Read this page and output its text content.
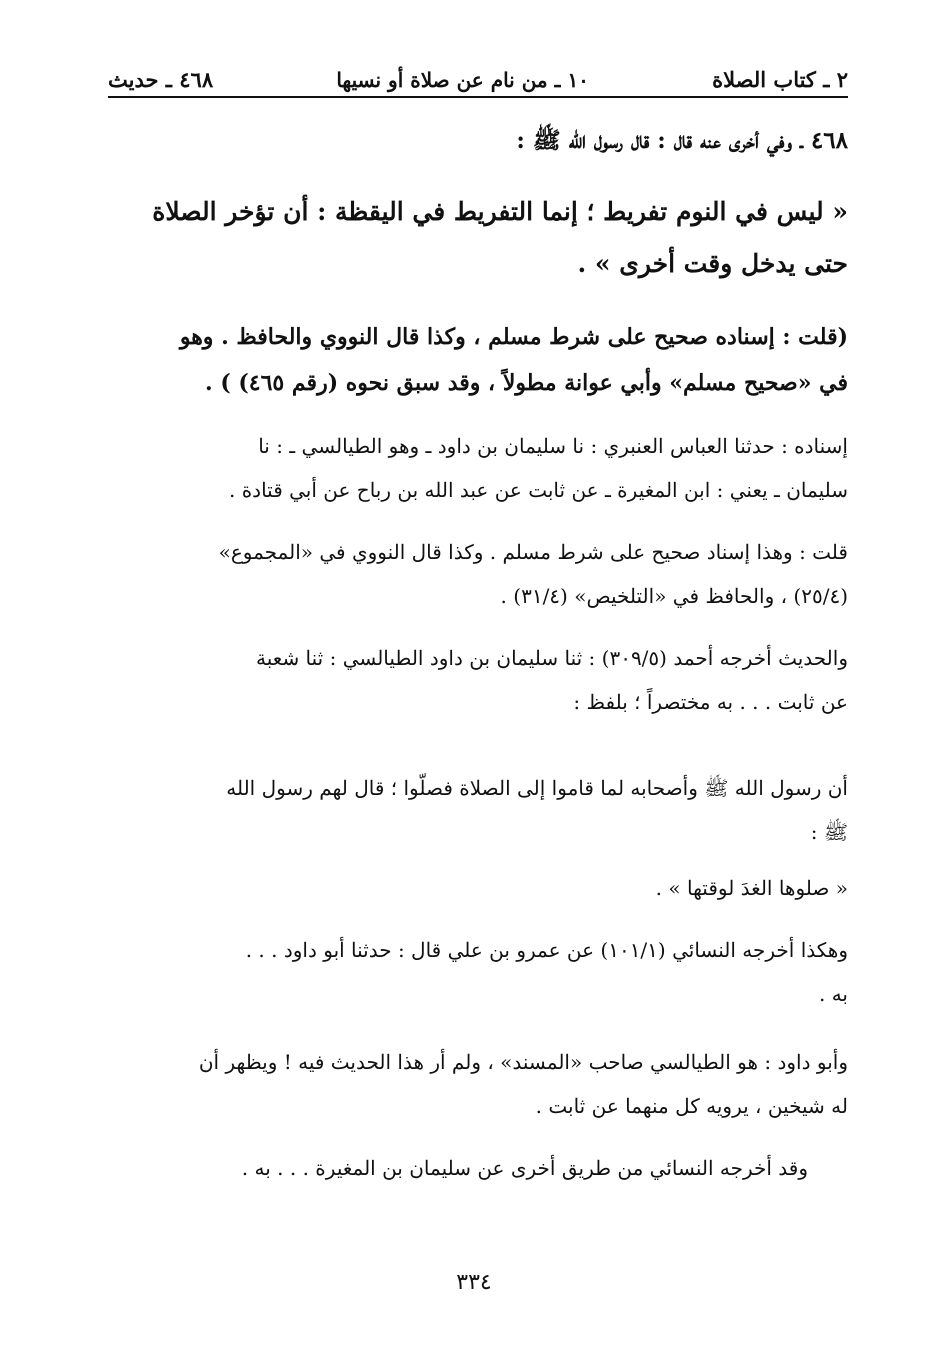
٢ ـ كتاب الصلاة
١٠ ـ من نام عن صلاة أو نسيها
٤٦٨ ـ حديث

٤٦٨ ـ وفي أخرى عنه قال : قال رسول الله ﷺ :

« ليس في النوم تفريط ؛ إنما التفريط في اليقظة : أن تؤخر الصلاة
حتى يدخل وقت أخرى » .

(قلت : إسناده صحيح على شرط مسلم ، وكذا قال النووي والحافظ . وهو
في «صحيح مسلم» وأبي عوانة مطولاً ، وقد سبق نحوه (رقم ٤٦٥) ) .

إسناده : حدثنا العباس العنبري : نا سليمان بن داود ـ وهو الطيالسي ـ : نا
سليمان ـ يعني : ابن المغيرة ـ عن ثابت عن عبد الله بن رباح عن أبي قتادة .

قلت : وهذا إسناد صحيح على شرط مسلم . وكذا قال النووي في «المجموع»
(٢٥/٤) ، والحافظ في «التلخيص» (٣١/٤) .

والحديث أخرجه أحمد (٣٠٩/٥) : ثنا سليمان بن داود الطيالسي : ثنا شعبة
عن ثابت . . . به مختصراً ؛ بلفظ :

أن رسول الله ﷺ وأصحابه لما قاموا إلى الصلاة فصلّوا ؛ قال لهم رسول الله
ﷺ :

« صلوها الغدَ لوقتها » .

وهكذا أخرجه النسائي (١٠١/١) عن عمرو بن علي قال : حدثنا أبو داود . . .
به .

وأبو داود : هو الطيالسي صاحب «المسند» ، ولم أر هذا الحديث فيه ! ويظهر أن
له شيخين ، يرويه كل منهما عن ثابت .

وقد أخرجه النسائي من طريق أخرى عن سليمان بن المغيرة . . . به .

٣٣٤
